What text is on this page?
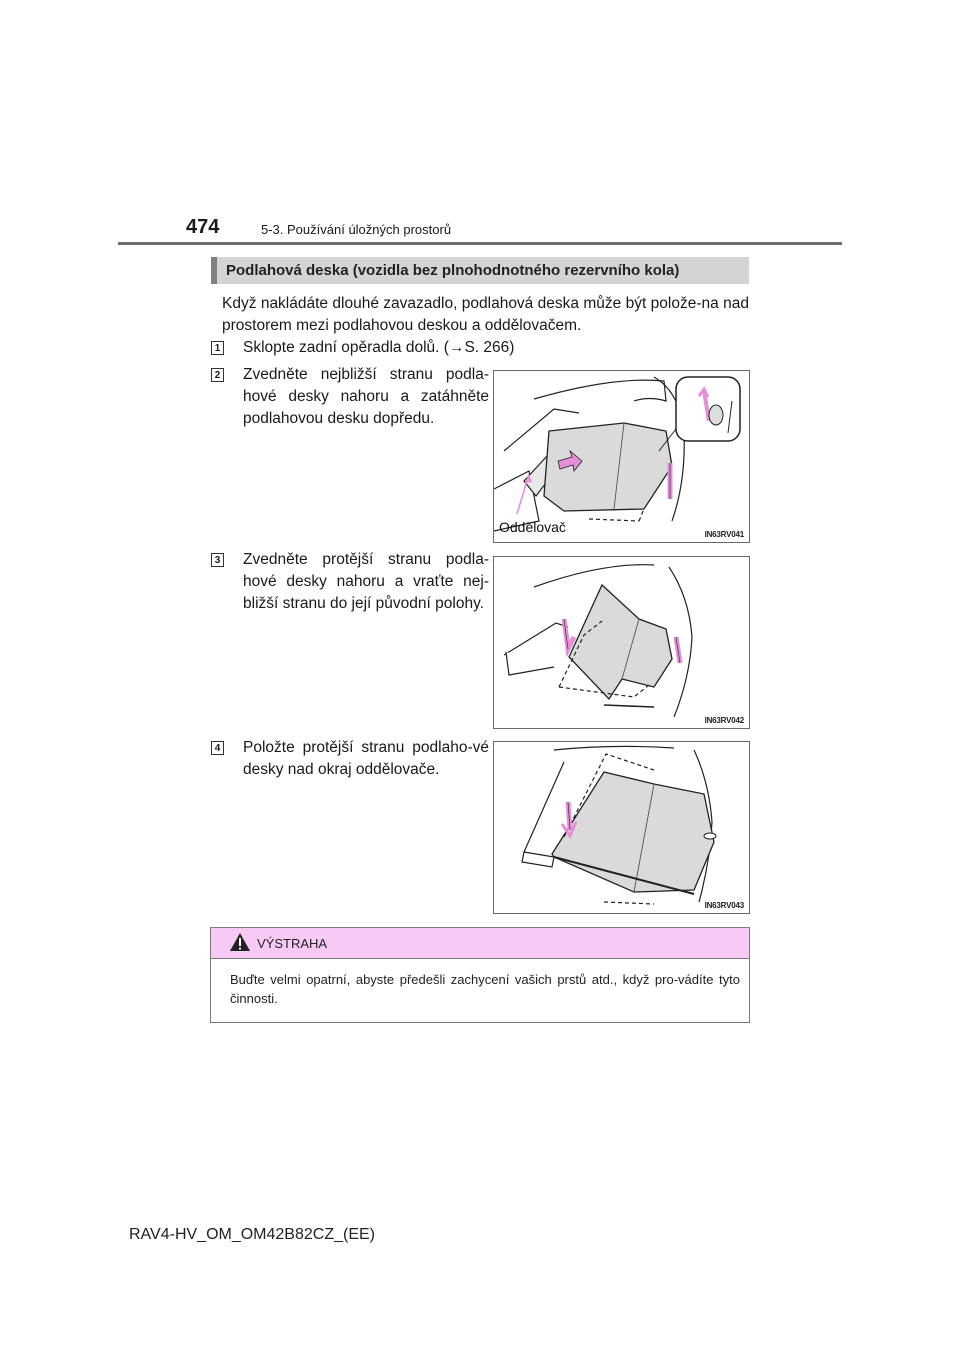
474	5-3. Používání úložných prostorů
Podlahová deska (vozidla bez plnohodnotného rezervního kola)
Když nakládáte dlouhé zavazadlo, podlahová deska může být polože-na nad prostorem mezi podlahovou deskou a oddělovačem.
1 Sklopte zadní opěradla dolů. (→S. 266)
2 Zvedněte nejbližší stranu podla-hové desky nahoru a zatáhněte podlahovou desku dopředu.
Oddělovač	IN63RV041
3 Zvedněte protější stranu podla-hové desky nahoru a vraťte nej-bližší stranu do její původní polohy.
IN63RV042
4 Položte protější stranu podlaho-vé desky nad okraj oddělovače.
IN63RV043
VÝSTRAHA
Buďte velmi opatrní, abyste předešli zachycení vašich prstů atd., když pro-vádíte tyto činnosti.
RAV4-HV_OM_OM42B82CZ_(EE)
